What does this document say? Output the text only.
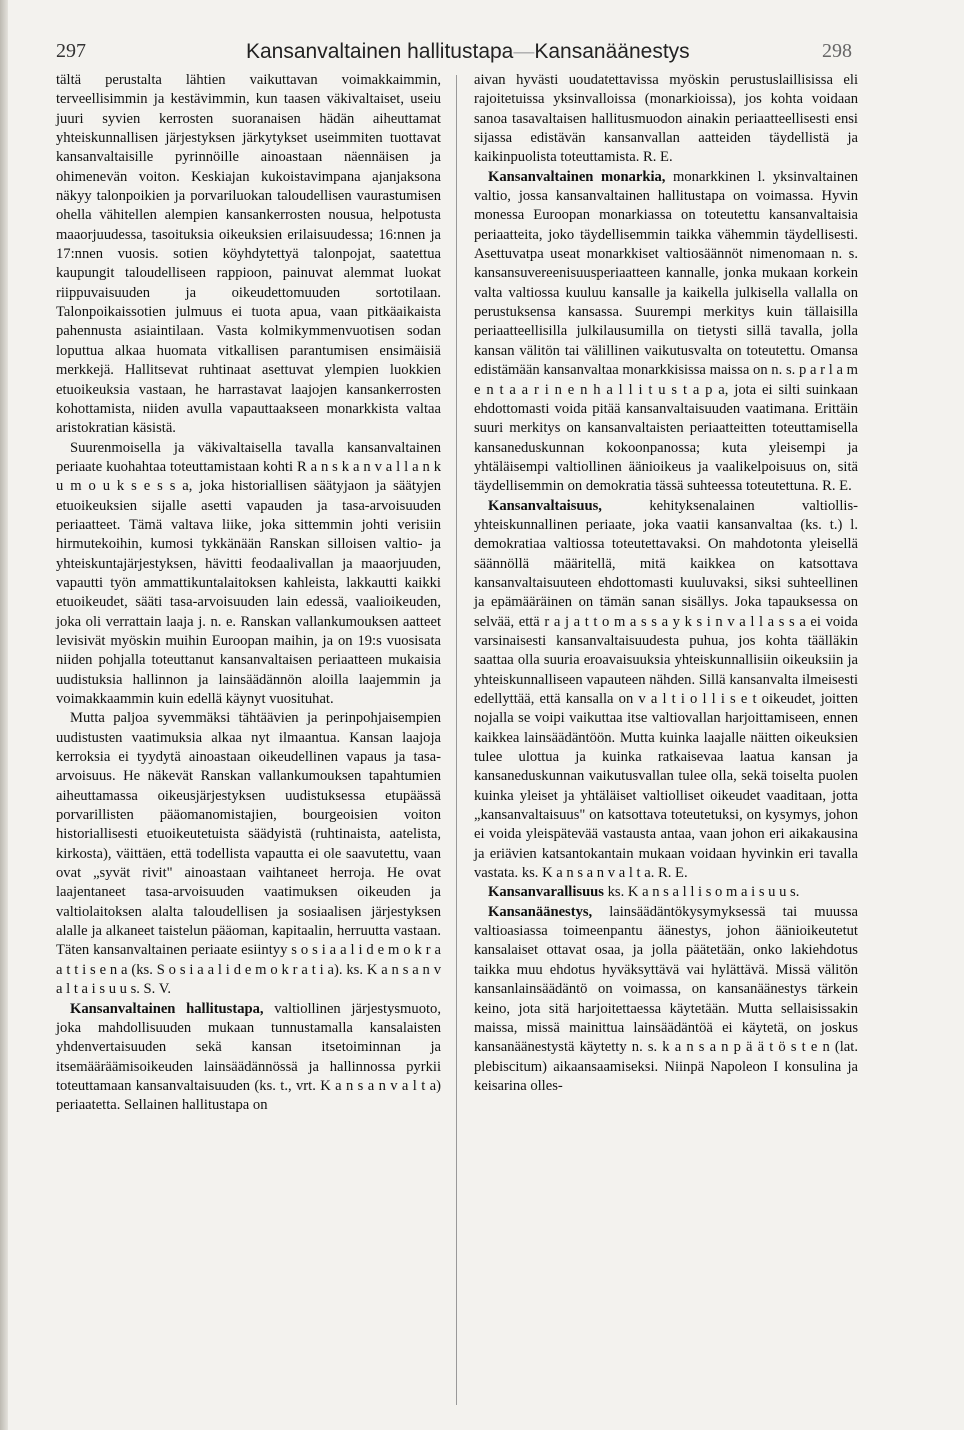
297	Kansanvaltainen hallitustapa—Kansanäänestys	298

tältä perustalta lähtien vaikuttavan voimakkaimmin, terveellisimmin ja kestävimmin, kun taasen väkivaltaiset, useiu juuri syvien kerrosten suoranaisen hädän aiheuttamat yhteiskunnallisen järjestyksen järkytykset useimmiten tuottavat kansanvaltaisille pyrinnöille ainoastaan näennäisen ja ohimenevän voiton. Keskiajan kukoistavimpana ajanjaksona näkyy talonpoikien ja porvariluokan taloudellisen vaurastumisen ohella vähitellen alempien kansankerrosten nousua, helpotusta maaorjuudessa, tasoituksia oikeuksien erilaisuudessa; 16:nnen ja 17:nnen vuosis. sotien köyhdytettyä talonpojat, saatettua kaupungit taloudelliseen rappioon, painuvat alemmat luokat riippuvaisuuden ja oikeudettomuuden sortotilaan. Talonpoikaissotien julmuus ei tuota apua, vaan pitkäaikaista pahennusta asiaintilaan. Vasta kolmikymmenvuotisen sodan loputtua alkaa huomata vitkallisen parantumisen ensimäisiä merkkejä. Hallitsevat ruhtinaat asettuvat ylempien luokkien etuoikeuksia vastaan, he harrastavat laajojen kansankerrosten kohottamista, niiden avulla vapauttaakseen monarkkista valtaa aristokratian käsistä.

Suurenmoisella ja väkivaltaisella tavalla kansanvaltainen periaate kuohahtaa toteuttamistaan kohti R a n s k a n v a l l a n k u m o u k s e s s a, joka historiallisen säätyjaon ja säätyjen etuoikeuksien sijalle asetti vapauden ja tasa-arvoisuuden periaatteet. Tämä valtava liike, joka sittemmin johti verisiin hirmutekoihin, kumosi tykkänään Ranskan silloisen valtio- ja yhteiskuntajärjestyksen, hävitti feodaalivallan ja maaorjuuden, vapautti työn ammattikuntalaitoksen kahleista, lakkautti kaikki etuoikeudet, sääti tasa-arvoisuuden lain edessä, vaalioikeuden, joka oli verrattain laaja j. n. e. Ranskan vallankumouksen aatteet levisivät myöskin muihin Euroopan maihin, ja on 19:s vuosisata niiden pohjalla toteuttanut kansanvaltaisen periaatteen mukaisia uudistuksia hallinnon ja lainsäädännön aloilla laajemmin ja voimakkaammin kuin edellä käynyt vuosituhat.

Mutta paljoa syvemmäksi tähtäävien ja perinpohjaisempien uudistusten vaatimuksia alkaa nyt ilmaantua. Kansan laajoja kerroksia ei tyydytä ainoastaan oikeudellinen vapaus ja tasa-arvoisuus. He näkevät Ranskan vallankumouksen tapahtumien aiheuttamassa oikeusjärjestyksen uudistuksessa etupäässä porvarillisten pääomanomistajien, bourgeoisien voiton historiallisesti etuoikeutetuista säädyistä (ruhtinaista, aatelista, kirkosta), väittäen, että todellista vapautta ei ole saavutettu, vaan ovat „syvät rivit" ainoastaan vaihtaneet herroja. He ovat laajentaneet tasa-arvoisuuden vaatimuksen oikeuden ja valtiolaitoksen alalta taloudellisen ja sosiaalisen järjestyksen alalle ja alkaneet taistelun pääoman, kapitaalin, herruutta vastaan. Täten kansanvaltainen periaate esiintyy s o s i a a l i d e m o k r a a t t i s e n a (ks. S o s i a a l i d e m o k r a t i a). ks. K a n s a n v a l t a i s u u s. S. V.

Kansanvaltainen hallitustapa, valtiollinen järjestysmuoto, joka mahdollisuuden mukaan tunnustamalla kansalaisten yhdenvertaisuuden sekä kansan itsetoiminnan ja itsemääräämisoikeuden lainsäädännössä ja hallinnossa pyrkii toteuttamaan kansanvaltaisuuden (ks. t., vrt. K a n s a n v a l t a) periaatetta. Sellainen hallitustapa on

aivan hyvästi uoudatettavissa myöskin perustuslaillisissa eli rajoitetuissa yksinvalloissa (monarkioissa), jos kohta voidaan sanoa tasavaltaisen hallitusmuodon ainakin periaatteellisesti ensi sijassa edistävän kansanvallan aatteiden täydellistä ja kaikinpuolista toteuttamista. R. E.

Kansanvaltainen monarkia, monarkkinen l. yksinvaltainen valtio, jossa kansanvaltainen hallitustapa on voimassa. Hyvin monessa Euroopan monarkiassa on toteutettu kansanvaltaisia periaatteita, joko täydellisemmin taikka vähemmin täydellisesti. Asettuvatpa useat monarkkiset valtiosäännöt nimenomaan n. s. kansansuvereenisuusperiaatteen kannalle, jonka mukaan korkein valta valtiossa kuuluu kansalle ja kaikella julkisella vallalla on perustuksensa kansassa. Suurempi merkitys kuin tällaisilla periaatteellisilla julkilausumilla on tietysti sillä tavalla, jolla kansan välitön tai välillinen vaikutusvalta on toteutettu. Omansa edistämään kansanvaltaa monarkkisissa maissa on n. s. p a r l a m e n t a a r i n e n h a l l i t u s t a p a, jota ei silti suinkaan ehdottomasti voida pitää kansanvaltaisuuden vaatimana. Erittäin suuri merkitys on kansanvaltaisten periaatteitten toteuttamisella kansaneduskunnan kokoonpanossa; kuta yleisempi ja yhtäläisempi valtiollinen äänioikeus ja vaalikelpoisuus on, sitä täydellisemmin on demokratia tässä suhteessa toteutettuna. R. E.

Kansanvaltaisuus, kehityksenalainen valtiollis-yhteiskunnallinen periaate, joka vaatii kansanvaltaa (ks. t.) l. demokratiaa valtiossa toteutettavaksi. On mahdotonta yleisellä säännöllä määritellä, mitä kaikkea on katsottava kansanvaltaisuuteen ehdottomasti kuuluvaksi, siksi suhteellinen ja epämääräinen on tämän sanan sisällys. Joka tapauksessa on selvää, että r a j a t t o m a s s a y k s i n v a l l a s s a ei voida varsinaisesti kansanvaltaisuudesta puhua, jos kohta täälläkin saattaa olla suuria eroavaisuuksia yhteiskunnallisiin oikeuksiin ja yhteiskunnalliseen vapauteen nähden. Sillä kansanvalta ilmeisesti edellyttää, että kansalla on v a l t i o l l i s e t oikeudet, joitten nojalla se voipi vaikuttaa itse valtiovallan harjoittamiseen, ennen kaikkea lainsäädäntöön. Mutta kuinka laajalle näitten oikeuksien tulee ulottua ja kuinka ratkaisevaa laatua kansan ja kansaneduskunnan vaikutusvallan tulee olla, sekä toiselta puolen kuinka yleiset ja yhtäläiset valtiolliset oikeudet vaaditaan, jotta „kansanvaltaisuus" on katsottava toteutetuksi, on kysymys, johon ei voida yleispätevää vastausta antaa, vaan johon eri aikakausina ja eriävien katsantokantain mukaan voidaan hyvinkin eri tavalla vastata. ks. K a n s a n v a l t a. R. E.

Kansanvarallisuus ks. K a n s a l l i s o m a i s u u s.

Kansanäänestys, lainsäädäntökysymyksessä tai muussa valtioasiassa toimeenpantu äänestys, johon äänioikeutetut kansalaiset ottavat osaa, ja jolla päätetään, onko lakiehdotus taikka muu ehdotus hyväksyttävä vai hylättävä. Missä välitön kansanlainsäädäntö on voimassa, on kansanäänestys tärkein keino, jota sitä harjoitettaessa käytetään. Mutta sellaisissakin maissa, missä mainittua lainsäädäntöä ei käytetä, on joskus kansanäänestystä käytetty n. s. k a n s a n p ä ä t ö s t e n (lat. plebiscitum) aikaansaamiseksi. Niinpä Napoleon I konsulina ja keisarina olles-
